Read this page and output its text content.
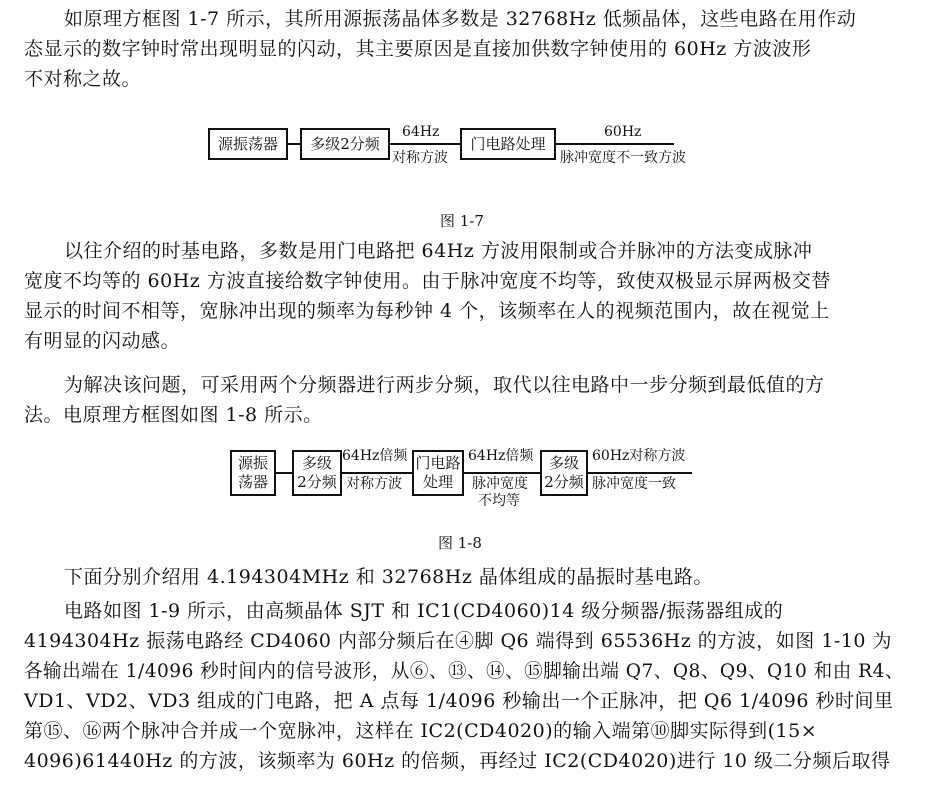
如原理方框图 1-7 所示，其所用源振荡晶体多数是 32768Hz 低频晶体，这些电路在用作动
态显示的数字钟时常出现明显的闪动，其主要原因是直接加供数字钟使用的 60Hz 方波波形
不对称之故。
源振荡器 多级2分频
64Hz
对称方波
门电路处理
60Hz
脉冲宽度不一致方波
图 1-7
以往介绍的时基电路，多数是用门电路把 64Hz 方波用限制或合并脉冲的方法变成脉冲
宽度不均等的 60Hz 方波直接给数字钟使用。由于脉冲宽度不均等，致使双极显示屏两极交替
显示的时间不相等，宽脉冲出现的频率为每秒钟 4 个，该频率在人的视频范围内，故在视觉上
有明显的闪动感。
为解决该问题，可采用两个分频器进行两步分频，取代以往电路中一步分频到最低值的方
法。电原理方框图如图 1-8 所示。
源振
荡器
多级
2分频
64Hz倍频
对称方波
门电路
处理
64Hz倍频
脉冲宽度
不均等
多级
2分频
60Hz对称方波
脉冲宽度一致
图 1-8
下面分别介绍用 4.194304MHz 和 32768Hz 晶体组成的晶振时基电路。
电路如图 1-9 所示，由高频晶体 SJT 和 IC1(CD4060)14 级分频器/振荡器组成的
4194304Hz 振荡电路经 CD4060 内部分频后在④脚 Q6 端得到 65536Hz 的方波，如图 1-10 为
各输出端在 1/4096 秒时间内的信号波形，从⑥、⑬、⑭、⑮脚输出端 Q7、Q8、Q9、Q10 和由 R4、
VD1、VD2、VD3 组成的门电路，把 A 点每 1/4096 秒输出一个正脉冲，把 Q6 1/4096 秒时间里
第⑮、⑯两个脉冲合并成一个宽脉冲，这样在 IC2(CD4020)的输入端第⑩脚实际得到(15×
4096)61440Hz 的方波，该频率为 60Hz 的倍频，再经过 IC2(CD4020)进行 10 级二分频后取得
